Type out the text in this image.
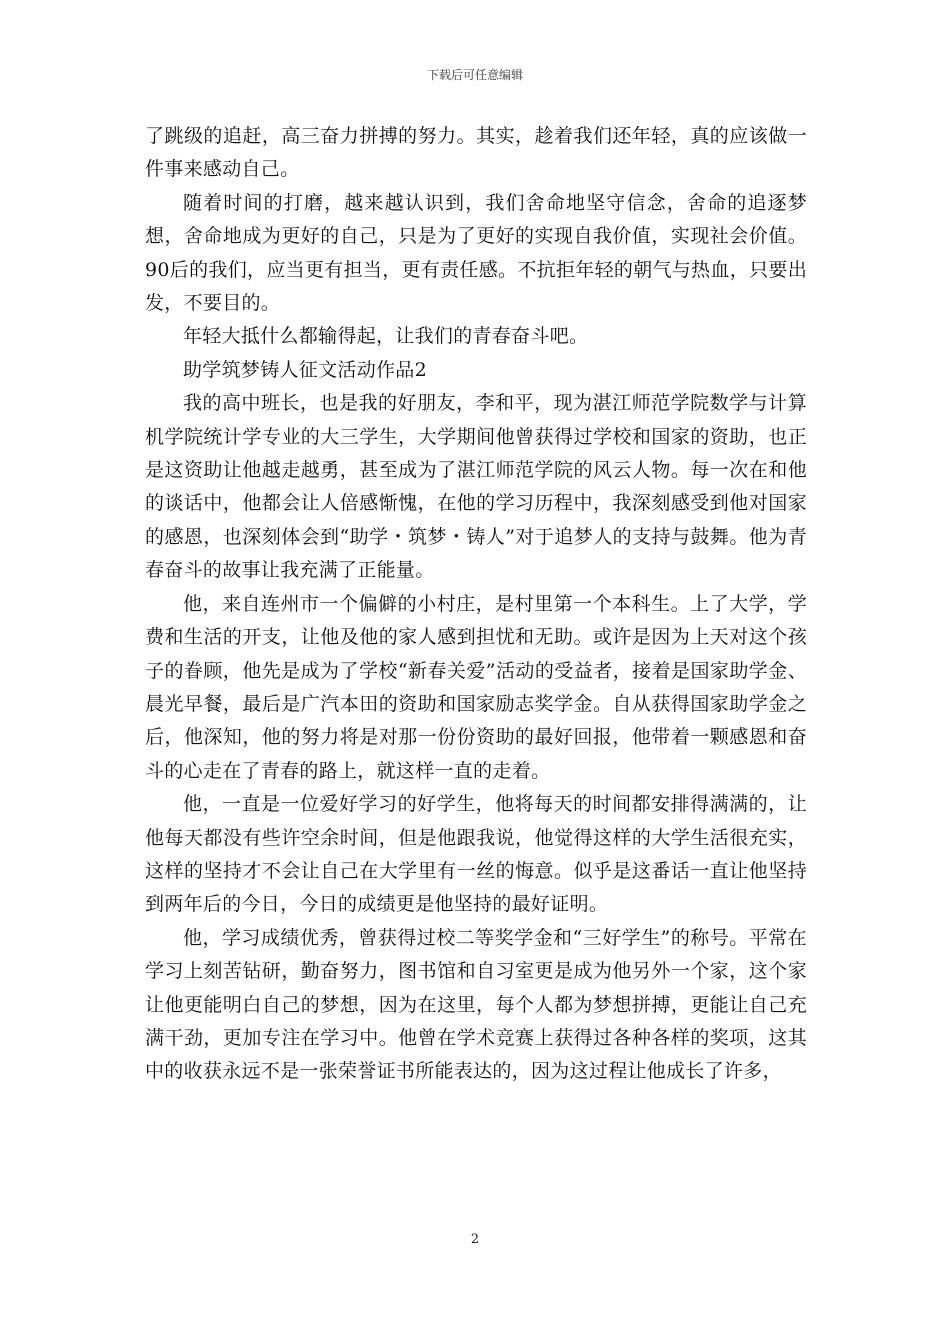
下载后可任意编辑

了跳级的追赶，高三奋力拼搏的努力。其实，趁着我们还年轻，真的应该做一件事来感动自己。

随着时间的打磨，越来越认识到，我们舍命地坚守信念，舍命的追逐梦想，舍命地成为更好的自己，只是为了更好的实现自我价值，实现社会价值。90后的我们，应当更有担当，更有责任感。不抗拒年轻的朝气与热血，只要出发，不要目的。

年轻大抵什么都输得起，让我们的青春奋斗吧。

助学筑梦铸人征文活动作品2

我的高中班长，也是我的好朋友，李和平，现为湛江师范学院数学与计算机学院统计学专业的大三学生，大学期间他曾获得过学校和国家的资助，也正是这资助让他越走越勇，甚至成为了湛江师范学院的风云人物。每一次在和他的谈话中，他都会让人倍感惭愧，在他的学习历程中，我深刻感受到他对国家的感恩，也深刻体会到“助学・筑梦・铸人”对于追梦人的支持与鼓舞。他为青春奋斗的故事让我充满了正能量。

他，来自连州市一个偏僻的小村庄，是村里第一个本科生。上了大学，学费和生活的开支，让他及他的家人感到担忧和无助。或许是因为上天对这个孩子的眷顾，他先是成为了学校“新春关爱”活动的受益者，接着是国家助学金、晨光早餐，最后是广汽本田的资助和国家励志奖学金。自从获得国家助学金之后，他深知，他的努力将是对那一份份资助的最好回报，他带着一颗感恩和奋斗的心走在了青春的路上，就这样一直的走着。

他，一直是一位爱好学习的好学生，他将每天的时间都安排得满满的，让他每天都没有些许空余时间，但是他跟我说，他觉得这样的大学生活很充实，这样的坚持才不会让自己在大学里有一丝的悔意。似乎是这番话一直让他坚持到两年后的今日，今日的成绩更是他坚持的最好证明。

他，学习成绩优秀，曾获得过校二等奖学金和“三好学生”的称号。平常在学习上刻苦钻研，勤奋努力，图书馆和自习室更是成为他另外一个家，这个家让他更能明白自己的梦想，因为在这里，每个人都为梦想拼搏，更能让自己充满干劲，更加专注在学习中。他曾在学术竞赛上获得过各种各样的奖项，这其中的收获永远不是一张荣誉证书所能表达的，因为这过程让他成长了许多，

2
